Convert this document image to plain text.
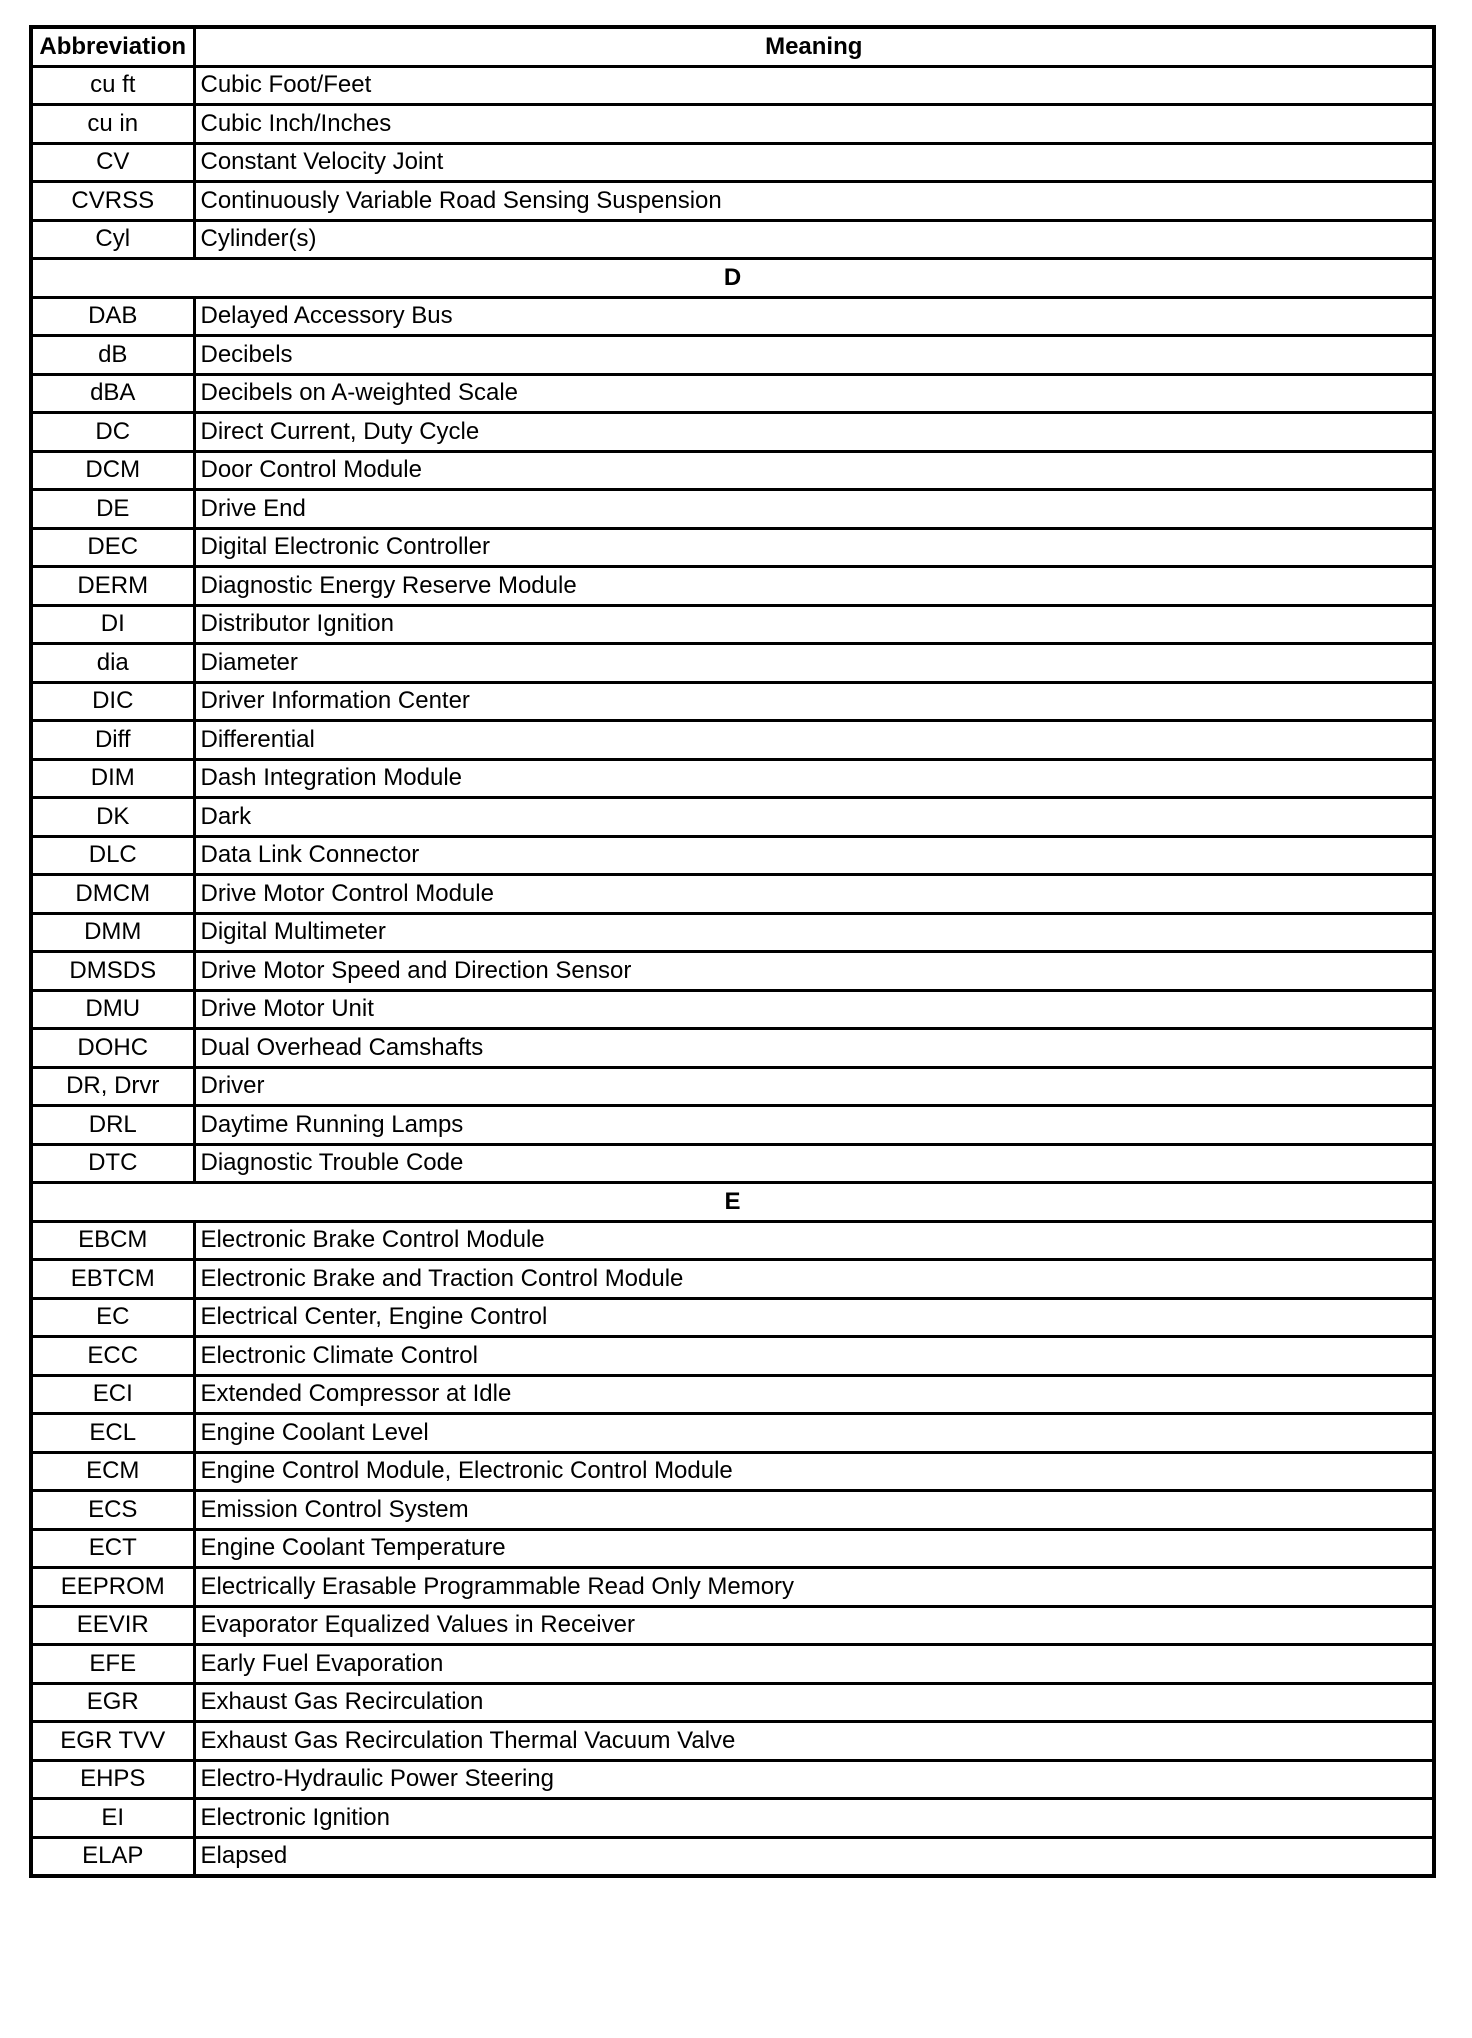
Abbreviation	Meaning
cu ft	Cubic Foot/Feet
cu in	Cubic Inch/Inches
CV	Constant Velocity Joint
CVRSS	Continuously Variable Road Sensing Suspension
Cyl	Cylinder(s)
D	
DAB	Delayed Accessory Bus
dB	Decibels
dBA	Decibels on A-weighted Scale
DC	Direct Current, Duty Cycle
DCM	Door Control Module
DE	Drive End
DEC	Digital Electronic Controller
DERM	Diagnostic Energy Reserve Module
DI	Distributor Ignition
dia	Diameter
DIC	Driver Information Center
Diff	Differential
DIM	Dash Integration Module
DK	Dark
DLC	Data Link Connector
DMCM	Drive Motor Control Module
DMM	Digital Multimeter
DMSDS	Drive Motor Speed and Direction Sensor
DMU	Drive Motor Unit
DOHC	Dual Overhead Camshafts
DR, Drvr	Driver
DRL	Daytime Running Lamps
DTC	Diagnostic Trouble Code
E	
EBCM	Electronic Brake Control Module
EBTCM	Electronic Brake and Traction Control Module
EC	Electrical Center, Engine Control
ECC	Electronic Climate Control
ECI	Extended Compressor at Idle
ECL	Engine Coolant Level
ECM	Engine Control Module, Electronic Control Module
ECS	Emission Control System
ECT	Engine Coolant Temperature
EEPROM	Electrically Erasable Programmable Read Only Memory
EEVIR	Evaporator Equalized Values in Receiver
EFE	Early Fuel Evaporation
EGR	Exhaust Gas Recirculation
EGR TVV	Exhaust Gas Recirculation Thermal Vacuum Valve
EHPS	Electro-Hydraulic Power Steering
EI	Electronic Ignition
ELAP	Elapsed
